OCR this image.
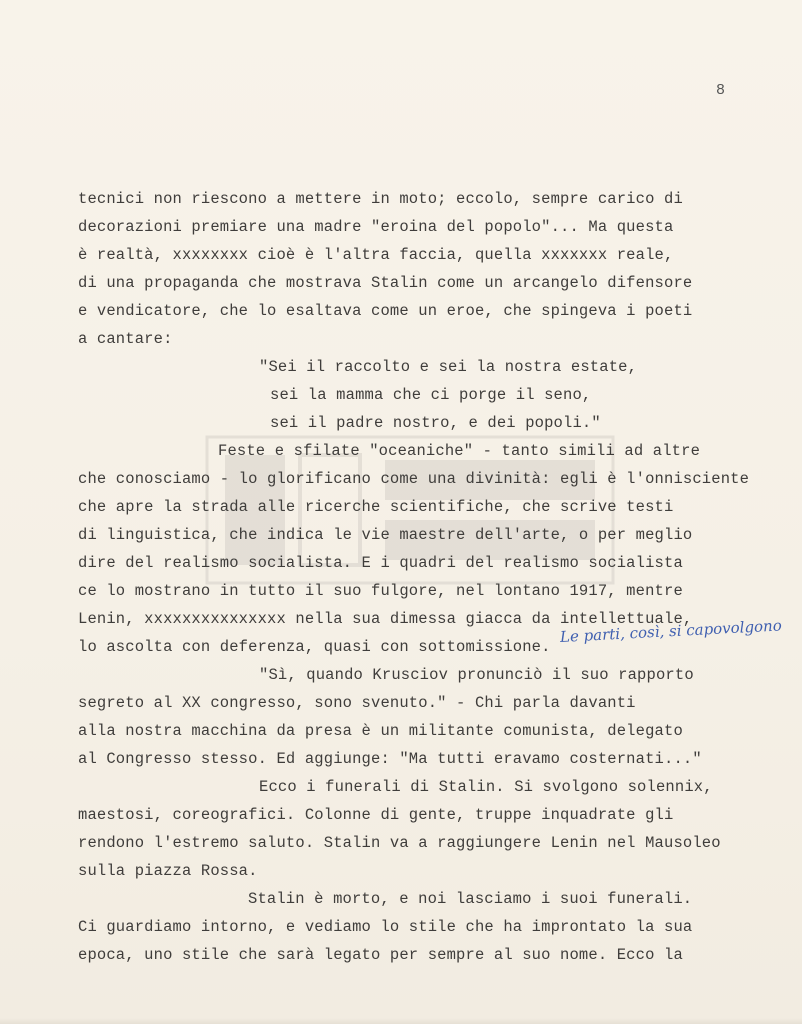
8
tecnici non riescono a mettere in moto; eccolo, sempre carico di
decorazioni premiare una madre "eroina del popolo"... Ma questa
è realtà, xxxxxxxx cioè è l'altra faccia, quella xxxxxxx reale,
di una propaganda che mostrava Stalin come un arcangelo difensore
e vendicatore, che lo esaltava come un eroe, che spingeva i poeti
a cantare:
"Sei il raccolto e sei la nostra estate,
sei la mamma che ci porge il seno,
sei il padre nostro, e dei popoli."
Feste e sfilate "oceaniche" - tanto simili ad altre
che conosciamo - lo glorificano come una divinità: egli è l'onnisciente
che apre la strada alle ricerche scientifiche, che scrive testi
di linguistica, che indica le vie maestre dell'arte, o per meglio
dire del realismo socialista. E i quadri del realismo socialista
ce lo mostrano in tutto il suo fulgore, nel lontano 1917, mentre
Lenin, xxxxxxxxxxxxxxx nella sua dimessa giacca da intellettuale,
lo ascolta con deferenza, quasi con sottomissione.
Le parti, così, si capovolgono
"Sì, quando Krusciov pronunciò il suo rapporto
segreto al XX congresso, sono svenuto." - Chi parla davanti
alla nostra macchina da presa è un militante comunista, delegato
al Congresso stesso. Ed aggiunge: "Ma tutti eravamo costernati..."
Ecco i funerali di Stalin. Si svolgono solennix,
maestosi, coreografici. Colonne di gente, truppe inquadrate gli
rendono l'estremo saluto. Stalin va a raggiungere Lenin nel Mausoleo
sulla piazza Rossa.
Stalin è morto, e noi lasciamo i suoi funerali.
Ci guardiamo intorno, e vediamo lo stile che ha improntato la sua
epoca, uno stile che sarà legato per sempre al suo nome. Ecco la
